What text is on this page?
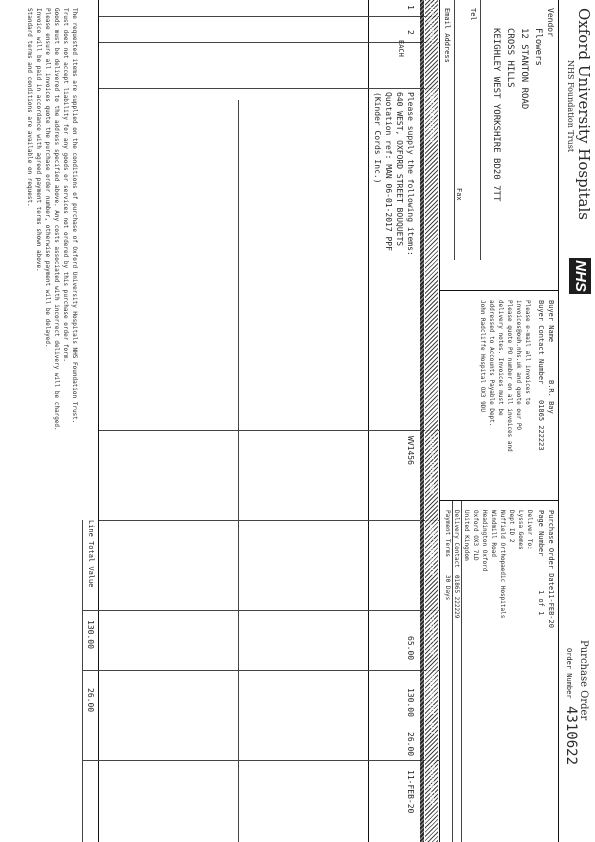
Oxford University Hospitals
NHS Foundation Trust
NHS
Purchase Order
Order Number
4310622
Vendor
Flowers
12 STANTON ROAD
CROSS HILLS
KEIGHLEY WEST YORKSHIRE BD20 7TT
Tel
Fax
Email Address
Buyer Name
B.R. Bay
Buyer Contact Number
01865 222223
Please e-mail all invoices to
invoices@ouh.nhs.uk and quote our PO
Please quote PO number on all invoices and
delivery notes. Invoices must be
addressed to Accounts Payable Dept.
John Radcliffe Hospital OX3 9DU
Purchase Order Date
11-FEB-20
Page Number
1 of 1
Deliver To:
Lyssa Gomes
Dept ID 2
Nuffield Orthopaedic Hospitals
Windmill Road
Headington Oxford
Oxford OX3 7LD
United Kingdom
Delivery Contact
01865 222229
Payment Terms
30 Days
Line
Quantity
Item Description
Supplier Item Code
Unit Of Measure
Price per unit
Total Amount
VAT
Delivery Date
1
2
EACH
Please supply the following items:
640 WEST, OXFORD STREET BOUQUETS
Quotation ref: MAN 06-01-2017 PPF
(Kinder Cords Inc.)
WV1456
65.00
130.00
26.00
11-FEB-20
Line Total Value
130.00
26.00
The requested items are supplied on the conditions of purchase of Oxford University Hospitals NHS Foundation Trust.
Trust does not accept liability for any goods or services not ordered by this purchase order form.
Goods must be delivered to the address specified above. Any costs associated with incorrect delivery will be charged.
Please ensure all invoices quote the purchase order number, otherwise payment will be delayed.
Invoice will be paid in accordance with agreed payment terms shown above.
Standard terms and conditions are available on request.
